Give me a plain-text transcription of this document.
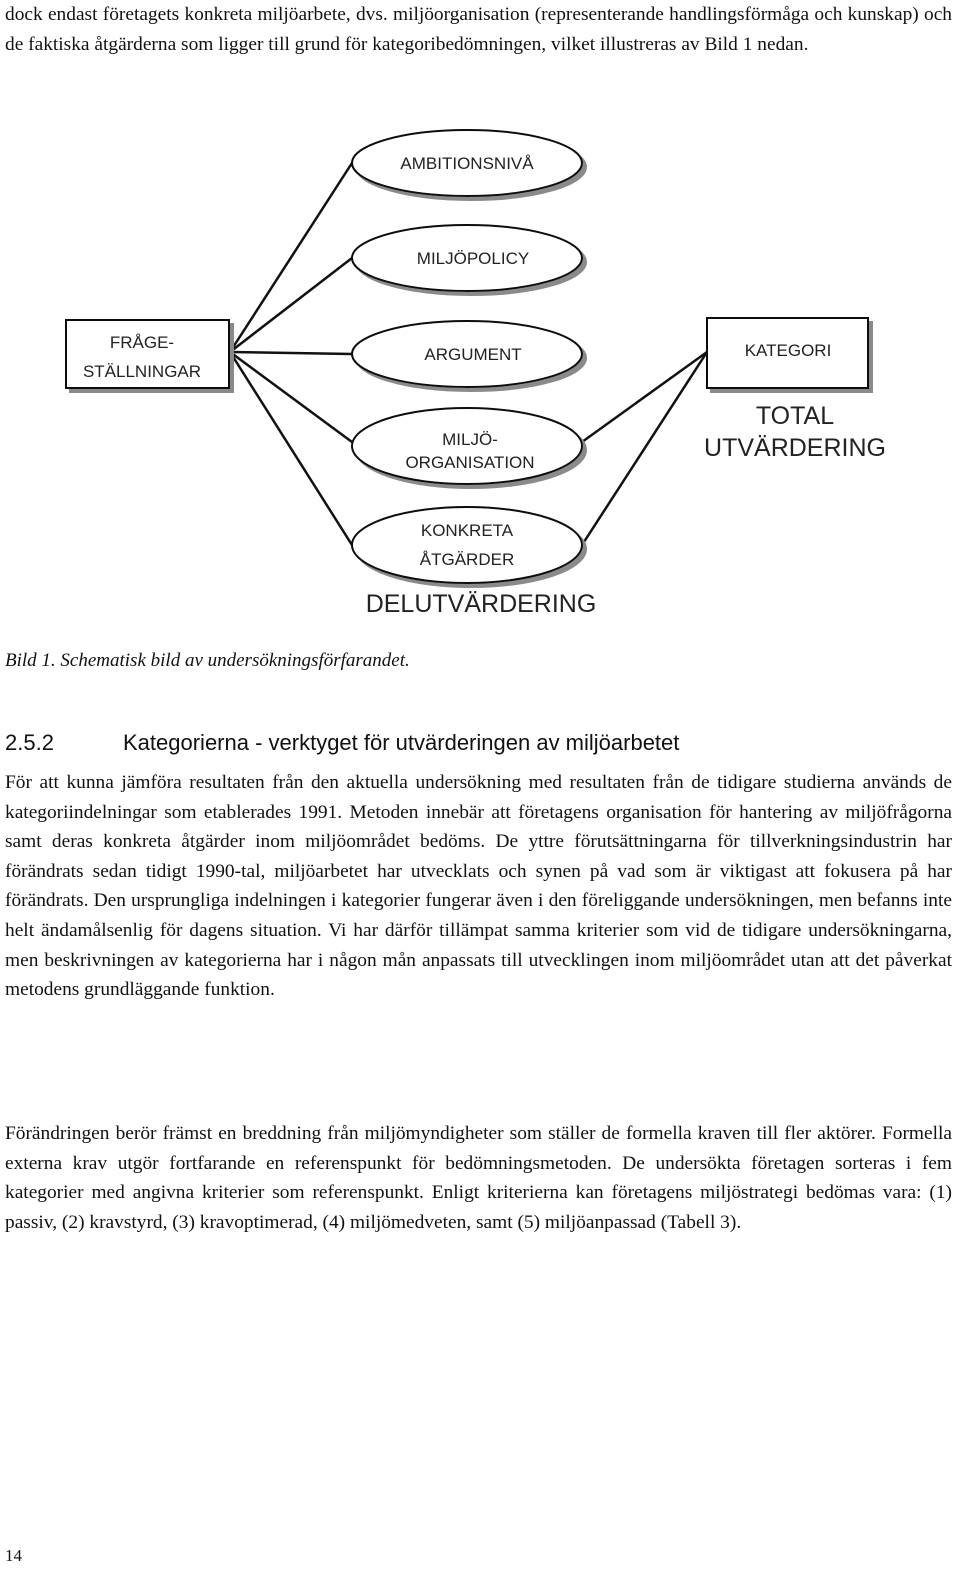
dock endast företagets konkreta miljöarbete, dvs. miljöorganisation (representerande handlingsförmåga och kunskap) och de faktiska åtgärderna som ligger till grund för kategoribedömningen, vilket illustreras av Bild 1 nedan.

AMBITIONSNIVÅ
MILJÖPOLICY
ARGUMENT
MILJÖ-
ORGANISATION
KONKRETA
ÅTGÄRDER
FRÅGE-
STÄLLNINGAR
KATEGORI
TOTAL
UTVÄRDERING
DELUTVÄRDERING

Bild 1. Schematisk bild av undersökningsförfarandet.

2.5.2	Kategorierna - verktyget för utvärderingen av miljöarbetet

För att kunna jämföra resultaten från den aktuella undersökning med resultaten från de tidigare studierna används de kategoriindelningar som etablerades 1991. Metoden innebär att företagens organisation för hantering av miljöfrågorna samt deras konkreta åtgärder inom miljöområdet bedöms. De yttre förutsättningarna för tillverkningsindustrin har förändrats sedan tidigt 1990-tal, miljöarbetet har utvecklats och synen på vad som är viktigast att fokusera på har förändrats. Den ursprungliga indelningen i kategorier fungerar även i den föreliggande undersökningen, men befanns inte helt ändamålsenlig för dagens situation. Vi har därför tillämpat samma kriterier som vid de tidigare undersökningarna, men beskrivningen av kategorierna har i någon mån anpassats till utvecklingen inom miljöområdet utan att det påverkat metodens grundläggande funktion.

Förändringen berör främst en breddning från miljömyndigheter som ställer de formella kraven till fler aktörer. Formella externa krav utgör fortfarande en referenspunkt för bedömningsmetoden. De undersökta företagen sorteras i fem kategorier med angivna kriterier som referenspunkt. Enligt kriterierna kan företagens miljöstrategi bedömas vara: (1) passiv, (2) kravstyrd, (3) kravoptimerad, (4) miljömedveten, samt (5) miljöanpassad (Tabell 3).

14
